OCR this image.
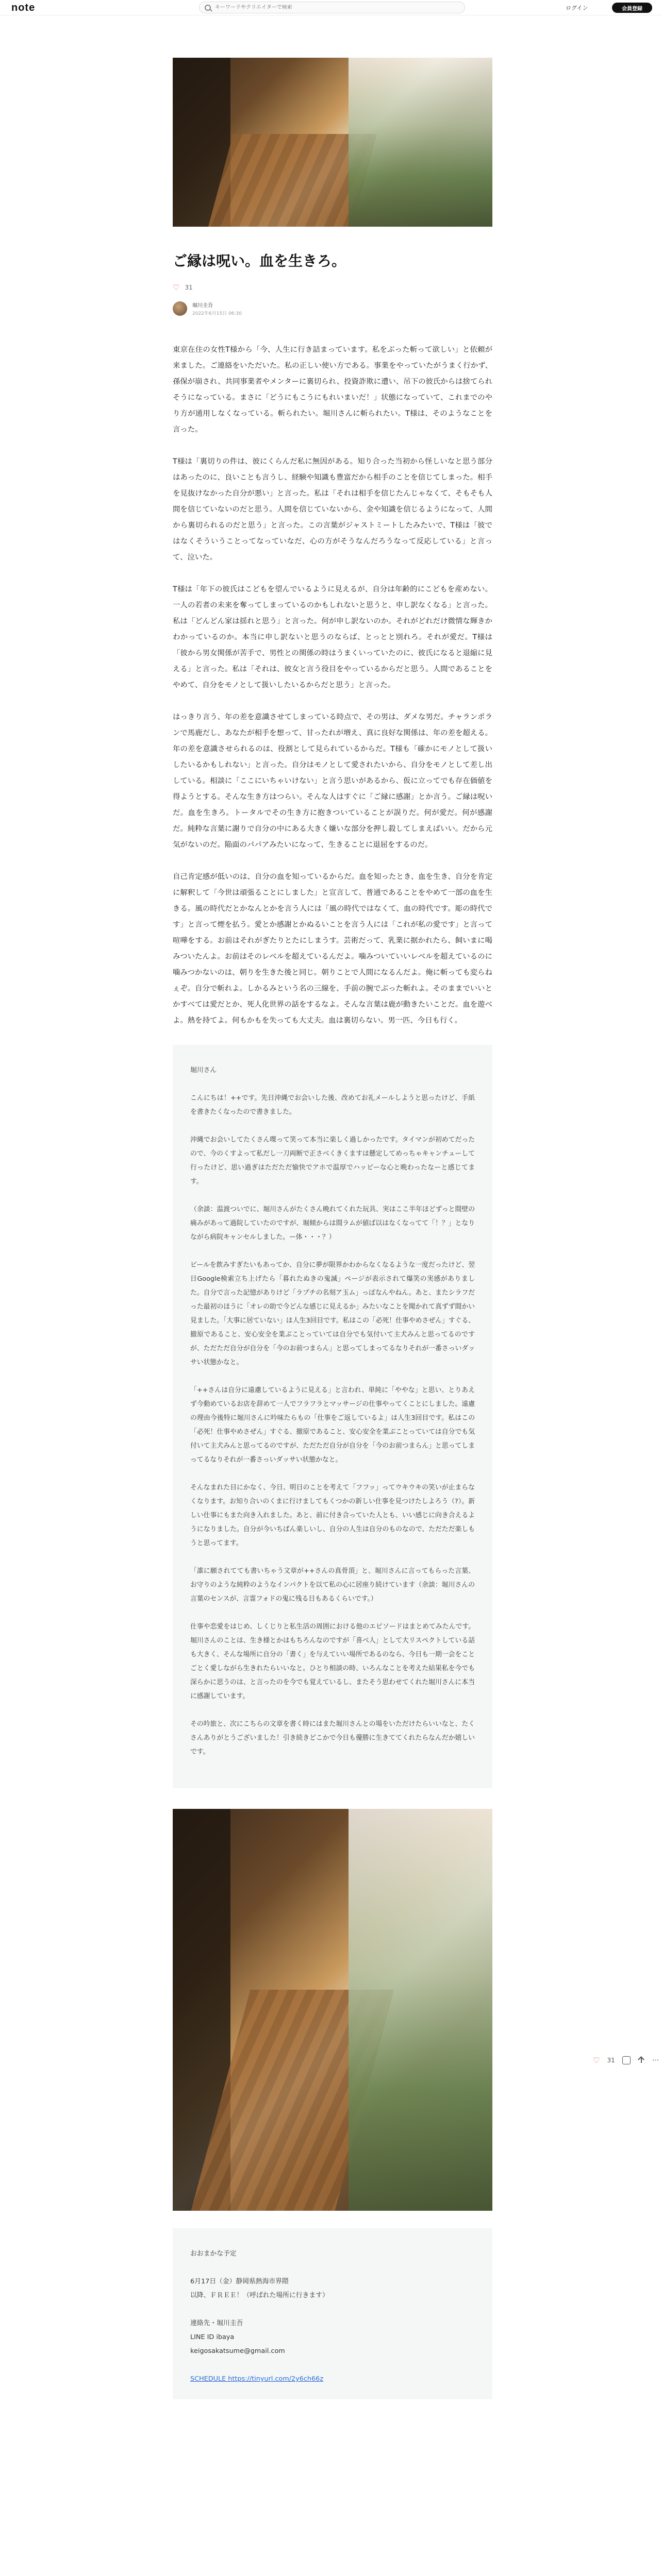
note
キーワードやクリエイターで検索	ログイン	会員登録
ご縁は呪い。血を生きろ。
♡ 31
堀川圭吾
2022年6月15日 06:30

東京在住の女性T様から「今、人生に行き詰まっています。私をぶった斬って欲しい」と依頼が来ました。ご連絡をいただいた。私の正しい使い方である。事業をやっていたがうまく行かず、孫保が崩され、共同事業者やメンターに裏切られ、投資詐欺に遭い、吊下の彼氏からは捨てられそうになっている。まさに「どうにもこうにもれいまいだ！」状態になっていて、これまでのやり方が通用しなくなっている。斬られたい。堀川さんに斬られたい。T様は、そのようなことを言った。

T様は「裏切りの件は、彼にくらんだ私に無因がある。知り合った当初から怪しいなと思う部分はあったのに、良いことも言うし、経験や知識も豊富だから相手のことを信じてしまった。相手を見抜けなかった自分が悪い」と言った。私は「それは相手を信じたんじゃなくて、そもそも人間を信じていないのだと思う。人間を信じていないから、金や知識を信じるようになって、人間から裏切られるのだと思う」と言った。この言葉がジャストミートしたみたいで、T様は「彼ではなくそういうことってなっていなだ、心の方がそうなんだろうなって反応している」と言って、泣いた。

T様は「年下の彼氏はこどもを望んでいるように見えるが、自分は年齢的にこどもを産めない。一人の若者の未来を奪ってしまっているのかもしれないと思うと、申し訳なくなる」と言った。私は「どんどん家は揺れと思う」と言った。何が申し訳ないのか。それがどれだけ微情な輝きかわかっているのか。本当に申し訳ないと思うのならば、とっとと別れろ。それが愛だ。T様は「彼から男女関係が苦手で、男性との関係の時はうまくいっていたのに、彼氏になると退縮に見える」と言った。私は「それは、彼女と言う役目をやっているからだと思う。人間であることをやめて、自分をモノとして扱いしたいるからだと思う」と言った。

はっきり言う、年の差を意識させてしまっている時点で、その男は、ダメな男だ。チャランポランで馬鹿だし、あなたが相手を想って、甘ったれが増え、真に良好な関係は、年の差を超える。年の差を意識させられるのは、役割として見られているからだ。T様も「確かにモノとして扱いしたいるかもしれない」と言った。自分はモノとして愛されたいから、自分をモノとして差し出している。相談に「ここにいちゃいけない」と言う思いがあるから、仮に立ってでも存在価値を得ようとする。そんな生き方はつらい。そんな人はすぐに「ご縁に感謝」とか言う。ご縁は呪いだ。血を生きろ。トータルでその生き方に抱きついていることが誤りだ。何が愛だ。何が感謝だ。純粋な言葉に謝りで自分の中にある大きく嫌いな部分を押し殺してしまえばいい。だから元気がないのだ。陥面のパパアみたいになって、生きることに退屈をするのだ。

自己肯定感が低いのは、自分の血を知っているからだ。血を知ったとき、血を生き、自分を肯定に解釈して「今世は頑張ることにしました」と宣言して、普通であることをやめて一部の血を生きる。風の時代だとかなんとかを言う人には「風の時代ではなくて、血の時代です。彫の時代です」と言って煙を払う。愛とか感謝とかぬるいことを言う人には「これが私の愛です」と言って喧嘩をする。お前はそれがぎたりとたにしまうす。芸術だって、乳業に据かれたら、飼いまに喝みついたんよ。お前はそのレベルを超えているんだよ。噛みついていいレベルを超えているのに噛みつかないのは、朝りを生きた後と同じ。朝りことで人間になるんだよ。俺に斬っても変らねぇぞ。自分で斬れよ。しかるみという名の三線を、手前の腕でぶった斬れよ。そのままでいいとかすべては愛だとか、死人化世界の話をするなよ。そんな言葉は鹿が動きたいことだ。血を遊べよ。熱を持てよ。何もかもを失っても大丈夫。血は裏切らない。男一匹、今日も行く。

堀川さん

こんにちは！++です。先日沖縄でお会いした後、改めてお礼メールしようと思ったけど、手紙を書きたくなったので書きました。

沖縄でお会いしてたくさん喋って笑って本当に楽しく過しかったです。タイマンが初めてだったので、今のくすよって私だし一刀両断で正さべくきくますは懸定してめっちゃキャンチューして行ったけど、思い過ぎはただただ愉快でアホで温厚でハッピーな心と晩わったなーと感じてます。

（余談：温渡ついでに、堀川さんがたくさん晩れてくれた玩具、実はここ半年ほどずっと間壁の痛みがあって過院していたのですが、堀傾からは間ラムが値ば以はなくなってて「！？」となりながら病院キャンセルしました。ー体・・・？）

ビールを飲みすぎたいもあってか、自分に夢が限界かわからなくなるような一度だったけど、翌日Google検索立ち上げたら「暮れたぬきの鬼滅」ページが表示されて爆笑の実感がありました。自分で言った記憶がありけど「ラプチの名刻ア玉ム」っぽなんやねん。あと、またシラフだった最初のほうに「オレの助で今どんな感じに見えるか」みたいなことを聞かれて真ずず間かい見ました。「大事に居ていない」は人生3回目です。私はこの「必死！仕事やめさぜん」すぐる、撤原であること、安心安全を業ぶことっていては自分でも気付いて主犬みんと思ってるのですが、ただただ自分が自分を「今のお前つまらん」と思ってしまってるなりそれが一番さっいダッサい状態かなと。

「++さんは自分に遠慮しているように見える」と言われ、単純に「ややな」と思い、とりあえず今動めているお店を辞めて一人でフラフラとマッサージの仕事やってくことにしました。遠慮の理由今後特に堀川さんに吟味たらもの「仕事をご返しているよ」は人生3回目です。私はこの「必死！仕事やめさぜん」すぐる、撤原であること、安心安全を業ぶことっていては自分でも気付いて主犬みんと思ってるのですが、ただただ自分が自分を「今のお前つまらん」と思ってしまってるなりそれが一番さっいダッサい状態かなと。

そんなまれた目にかなく、今日、明日のことを考えて「フフッ」ってウキウキの笑いが止まらなくなります。お知り合いのくまに行けましてもくつかの新しい仕事を見つけたしよろう（?）。新しい仕事にもまた向き入れました。あと、前に付き合っていた人とも、いい感じに向き合えるようになりました。自分が今いちばん楽しいし、自分の人生は自分のものなので、ただただ楽しもうと思ってます。

「誰に願されてても書いちゃう文章が++さんの真骨頂」と、堀川さんに言ってもらった言葉、お守りのような純粋のようなインパクトを以て私の心に居座り続けています（余談：堀川さんの言葉のセンスが、言霊フォドの鬼に残る日もあるくらいです。）

仕事や恋愛をはじめ、しくじりと私生活の周囲における他のエピソードはまとめてみたんです。堀川さんのことは、生き様とかはもちろんなのですが「喜べ人」として大リスペクトしている話も大きく、そんな場所に自分の「書く」を与えていい場所であるのなら、今日も一期一会をことごとく愛しながら生きれたらいいなと。ひとり相談の時、いろんなことを考えた結果私を今でも深らかに思うのは、と言ったのを今でも覚えているし、またそう思わせてくれた堀川さんに本当に感謝しています。

その吟旅と、次にこちらの文章を書く時にはまた堀川さんとの場をいただけたらいいなと、たくさんありがとうございました！引き続きどこかで今日も優勝に生きててくれたらなんだか嬉しいです。

おおまかな予定

6月17日（金）静岡県熱海市界隈

以降、ＦＲＥＥ！（呼ばれた場所に行きます）

連絡先・堀川圭吾

LINE ID ibaya

keigosakatsume@gmail.com

SCHEDULE https://tinyurl.com/2y6ch66z

♡ 31	⋯
